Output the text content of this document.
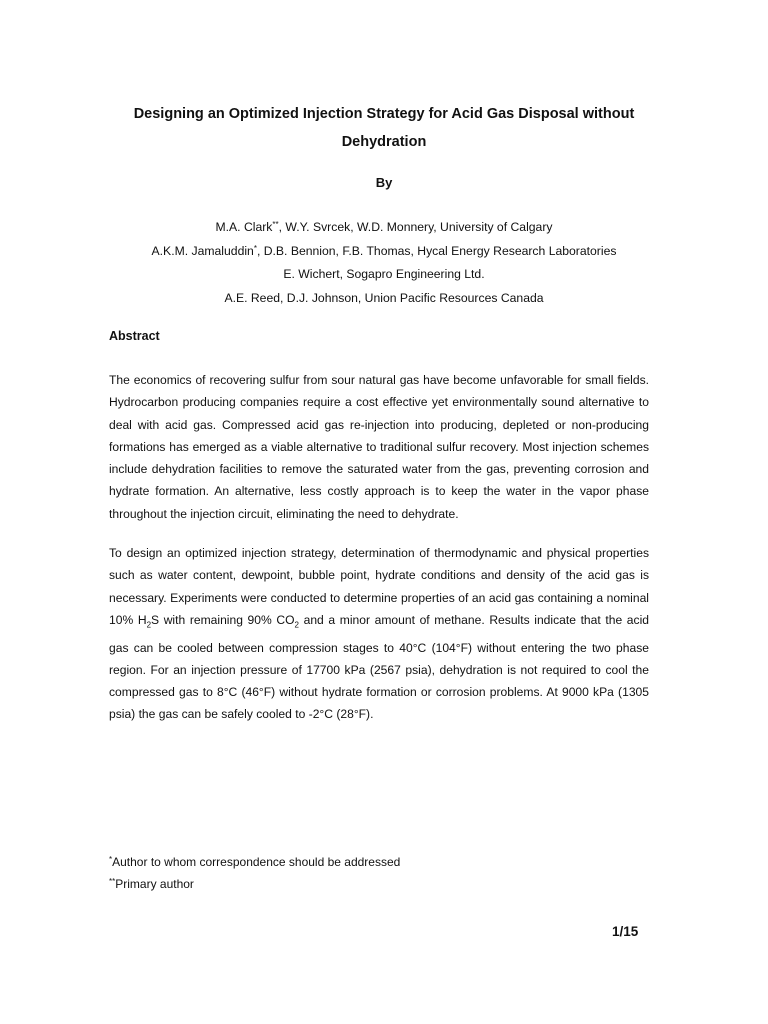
Designing an Optimized Injection Strategy for Acid Gas Disposal without
Dehydration
By
M.A. Clark**, W.Y. Svrcek, W.D. Monnery, University of Calgary
A.K.M. Jamaluddin*, D.B. Bennion, F.B. Thomas, Hycal Energy Research Laboratories
E. Wichert, Sogapro Engineering Ltd.
A.E. Reed, D.J. Johnson, Union Pacific Resources Canada
Abstract

The economics of recovering sulfur from sour natural gas have become unfavorable for small fields. Hydrocarbon producing companies require a cost effective yet environmentally sound alternative to deal with acid gas. Compressed acid gas re-injection into producing, depleted or non-producing formations has emerged as a viable alternative to traditional sulfur recovery. Most injection schemes include dehydration facilities to remove the saturated water from the gas, preventing corrosion and hydrate formation. An alternative, less costly approach is to keep the water in the vapor phase throughout the injection circuit, eliminating the need to dehydrate.

To design an optimized injection strategy, determination of thermodynamic and physical properties such as water content, dewpoint, bubble point, hydrate conditions and density of the acid gas is necessary. Experiments were conducted to determine properties of an acid gas containing a nominal 10% $H_2S$ with remaining 90% $CO_2$ and a minor amount of methane. Results indicate that the acid gas can be cooled between compression stages to 40°C (104°F) without entering the two phase region. For an injection pressure of 17700 kPa (2567 psia), dehydration is not required to cool the compressed gas to 8°C (46°F) without hydrate formation or corrosion problems. At 9000 kPa (1305 psia) the gas can be safely cooled to -2°C (28°F).

*Author to whom correspondence should be addressed
**Primary author
1/15
